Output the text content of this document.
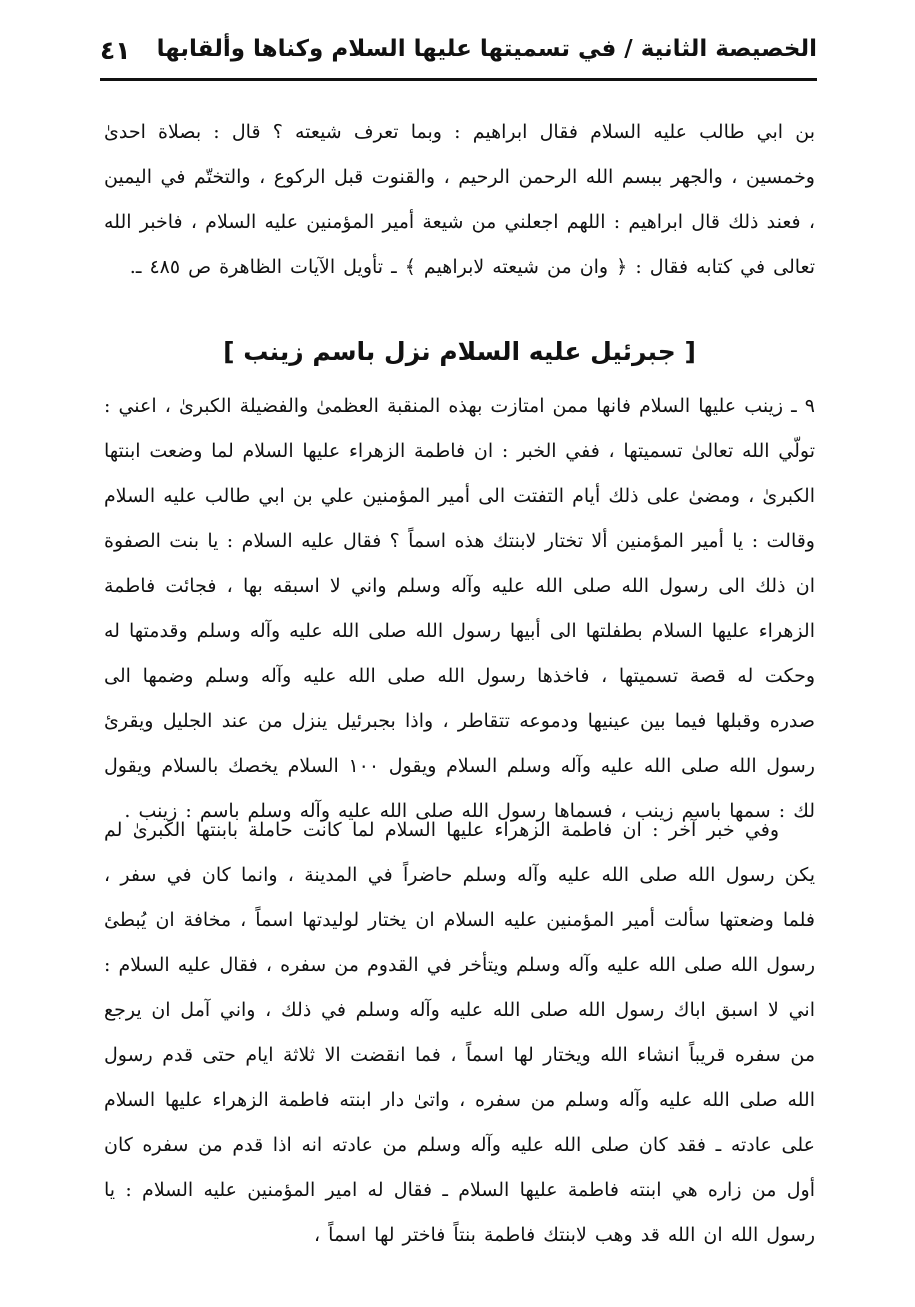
الخصيصة الثانية / في تسميتها عليها السلام وكناها وألقابها
٤١

بن ابي طالب عليه السلام فقال ابراهيم : وبما تعرف شيعته ؟ قال : بصلاة احدىٰ وخمسين ، والجهر ببسم الله الرحمن الرحيم ، والقنوت قبل الركوع ، والتختّم في اليمين ، فعند ذلك قال ابراهيم : اللهم اجعلني من شيعة أمير المؤمنين عليه السلام ، فاخبر الله تعالى في كتابه فقال : ﴿ وان من شيعته لابراهيم ﴾ ـ تأويل الآيات الظاهرة ص ٤٨٥ ـ.

[ جبرئيل عليه السلام نزل باسم زينب ]

٩ ـ زينب عليها السلام فانها ممن امتازت بهذه المنقبة العظمىٰ والفضيلة الكبرىٰ ، اعني : تولّي الله تعالىٰ تسميتها ، ففي الخبر : ان فاطمة الزهراء عليها السلام لما وضعت ابنتها الكبرىٰ ، ومضىٰ على ذلك أيام التفتت الى أمير المؤمنين علي بن ابي طالب عليه السلام وقالت : يا أمير المؤمنين ألا تختار لابنتك هذه اسماً ؟ فقال عليه السلام : يا بنت الصفوة ان ذلك الى رسول الله صلى الله عليه وآله وسلم واني لا اسبقه بها ، فجائت فاطمة الزهراء عليها السلام بطفلتها الى أبيها رسول الله صلى الله عليه وآله وسلم وقدمتها له وحكت له قصة تسميتها ، فاخذها رسول الله صلى الله عليه وآله وسلم وضمها الى صدره وقبلها فيما بين عينيها ودموعه تتقاطر ، واذا بجبرئيل ينزل من عند الجليل ويقرئ رسول الله صلى الله عليه وآله وسلم السلام ويقول ١٠٠ السلام يخصك بالسلام ويقول لك : سمها باسم زينب ، فسماها رسول الله صلى الله عليه وآله وسلم باسم : زينب .

وفي خبر آخر : ان فاطمة الزهراء عليها السلام لما كانت حاملة بابنتها الكبرىٰ لم يكن رسول الله صلى الله عليه وآله وسلم حاضراً في المدينة ، وانما كان في سفر ، فلما وضعتها سألت أمير المؤمنين عليه السلام ان يختار لوليدتها اسماً ، مخافة ان يُبطئ رسول الله صلى الله عليه وآله وسلم ويتأخر في القدوم من سفره ، فقال عليه السلام : اني لا اسبق اباك رسول الله صلى الله عليه وآله وسلم في ذلك ، واني آمل ان يرجع من سفره قريباً انشاء الله ويختار لها اسماً ، فما انقضت الا ثلاثة ايام حتى قدم رسول الله صلى الله عليه وآله وسلم من سفره ، واتىٰ دار ابنته فاطمة الزهراء عليها السلام على عادته ـ فقد كان صلى الله عليه وآله وسلم من عادته انه اذا قدم من سفره كان أول من زاره هي ابنته فاطمة عليها السلام ـ فقال له امير المؤمنين عليه السلام : يا رسول الله ان الله قد وهب لابنتك فاطمة بنتاً فاختر لها اسماً ،
